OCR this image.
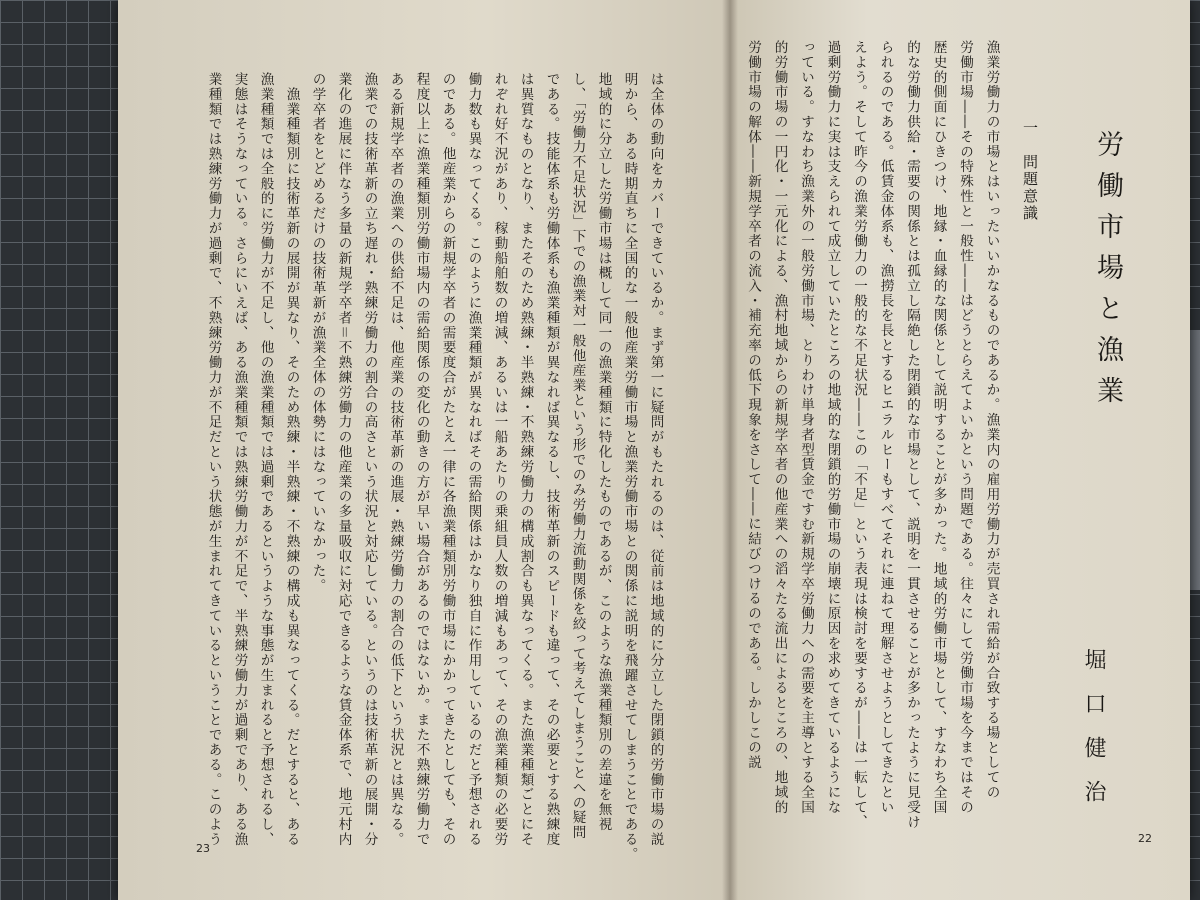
は全体の動向をカバーできているか。まず第一に疑問がもたれるのは、従前は地域的に分立した閉鎖的労働市場の説
明から、ある時期直ちに全国的な一般他産業労働市場と漁業労働市場との関係に説明を飛躍させてしまうことである。
地域的に分立した労働市場は概して同一の漁業種類に特化したものであるが、このような漁業種類別の差違を無視
し、「労働力不足状況」下での漁業対一般他産業という形でのみ労働力流動関係を絞って考えてしまうことへの疑問
である。技能体系も労働体系も漁業種類が異なれば異なるし、技術革新のスピードも違って、その必要とする熟練度
は異質なものとなり、またそのため熟練・半熟練・不熟練労働力の構成割合も異なってくる。また漁業種類ごとにそ
れぞれ好不況があり、稼動船舶数の増減、あるいは一船あたりの乗組員人数の増減もあって、その漁業種類の必要労
働力数も異なってくる。このように漁業種類が異なればその需給関係はかなり独自に作用しているのだと予想される
のである。他産業からの新規学卒者の需要度合がたとえ一律に各漁業種類別労働市場にかかってきたとしても、その
程度以上に漁業種類別労働市場内の需給関係の変化の動きの方が早い場合があるのではないか。また不熟練労働力で
ある新規学卒者の漁業への供給不足は、他産業の技術革新の進展・熟練労働力の割合の低下という状況とは異なる。
漁業での技術革新の立ち遅れ・熟練労働力の割合の高さという状況と対応している。というのは技術革新の展開・分
業化の進展に伴なう多量の新規学卒者＝不熟練労働力の他産業の多量吸収に対応できるような賃金体系で、地元村内
の学卒者をとどめるだけの技術革新が漁業全体の体勢にはなっていなかった。
　漁業種類別に技術革新の展開が異なり、そのため熟練・半熟練・不熟練の構成も異なってくる。だとすると、ある
漁業種類では全般的に労働力が不足し、他の漁業種類では過剰であるというような事態が生まれると予想されるし、
実態はそうなっている。さらにいえば、ある漁業種類では熟練労働力が不足で、半熟練労働力が過剰であり、ある漁
業種類では熟練労働力が過剰で、不熟練労働力が不足だという状態が生まれてきているということである。このよう
23
労働市場と漁業
一　問題意識
漁業労働力の市場とはいったいいかなるものであるか。漁業内の雇用労働力が売買され需給が合致する場としての
労働市場――その特殊性と一般性――はどうとらえてよいかという問題である。往々にして労働市場を今まではその
歴史的側面にひきつけ、地縁・血縁的な関係として説明することが多かった。地域的労働市場として、すなわち全国
的な労働力供給・需要の関係とは孤立し隔絶した閉鎖的な市場として、説明を一貫させることが多かったように見受け
られるのである。低賃金体系も、漁撈長を長とするヒエラルヒーもすべてそれに連ねて理解させようとしてきたとい
えよう。そして昨今の漁業労働力の一般的な不足状況――この「不足」という表現は検討を要するが――は一転して、
過剰労働力に実は支えられて成立していたところの地域的な閉鎖的労働市場の崩壊に原因を求めてきているようにな
っている。すなわち漁業外の一般労働市場、とりわけ単身者型賃金ですむ新規学卒労働力への需要を主導とする全国
的労働市場の一円化・一元化による、漁村地域からの新規学卒者の他産業への滔々たる流出によるところの、地域的
労働市場の解体――新規学卒者の流入・補充率の低下現象をさして――に結びつけるのである。しかしこの説	堀口健治
22
